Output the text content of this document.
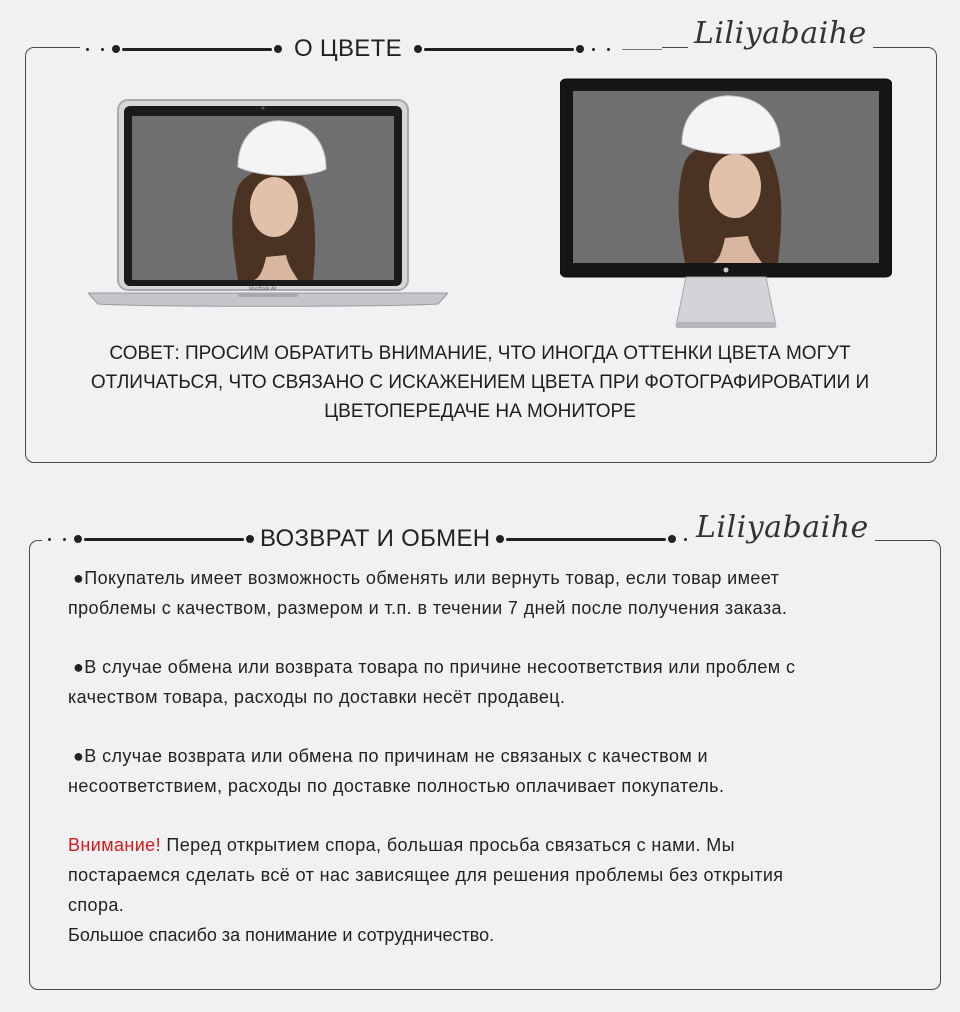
О ЦВЕТЕ	Liliyabaihe
MacBook Air

СОВЕТ: ПРОСИМ ОБРАТИТЬ ВНИМАНИЕ, ЧТО ИНОГДА ОТТЕНКИ ЦВЕТА МОГУТ

ОТЛИЧАТЬСЯ, ЧТО СВЯЗАНО С ИСКАЖЕНИЕМ ЦВЕТА ПРИ ФОТОГРАФИРОВАТИИ И

ЦВЕТОПЕРЕДАЧЕ НА МОНИТОРЕ

ВОЗВРАТ И ОБМЕН	Liliyabaihe

●Покупатель имеет возможность обменять или вернуть товар, если товар имеет

проблемы с качеством, размером и т.п. в течении 7 дней после получения заказа.

●В случае обмена или возврата товара по причине несоответствия или проблем с

качеством товара, расходы по доставки несёт продавец.

●В случае возврата или обмена по причинам не связаных с качеством и

несоответствием, расходы по доставке полностью оплачивает покупатель.

Внимание! Перед открытием спора, большая просьба связаться с нами. Мы

постараемся сделать всё от нас зависящее для решения проблемы без открытия

спора.

Большое спасибо за понимание и сотрудничество.
